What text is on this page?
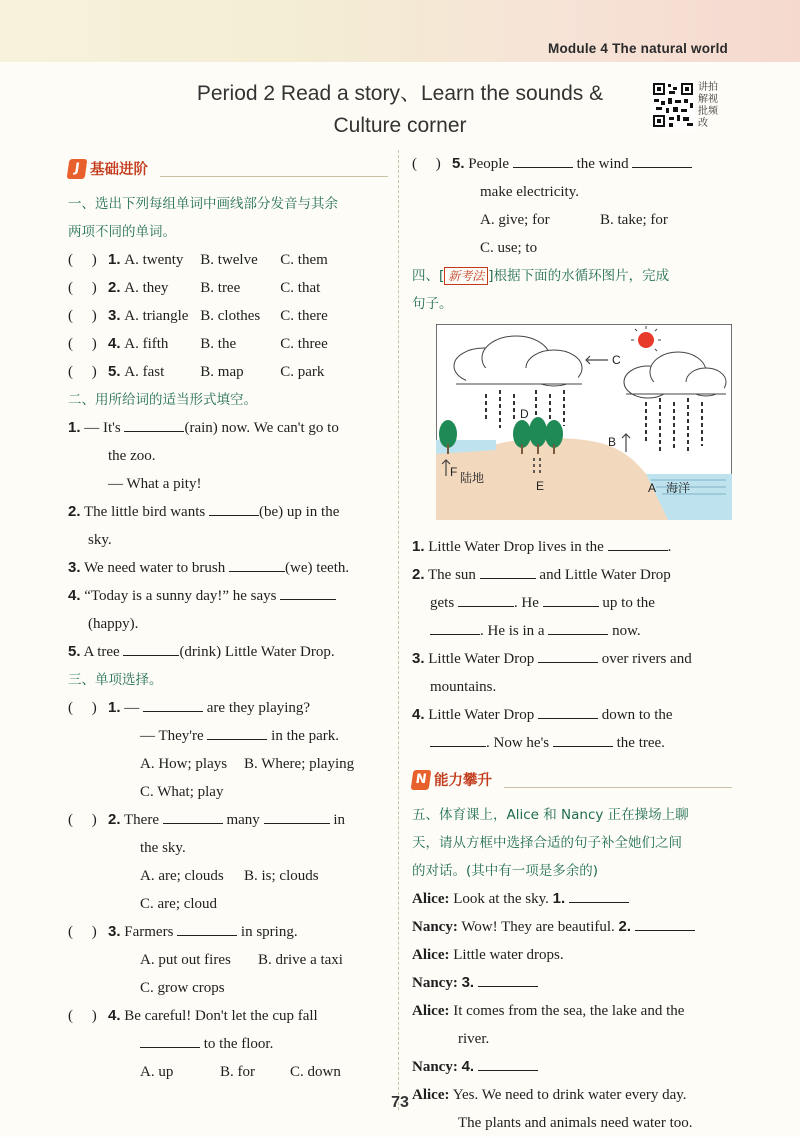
Module 4 The natural world
Period 2 Read a story、Learn the sounds &
Culture corner
讲拍解视批频改
J 基础进阶
一、选出下列每组单词中画线部分发音与其余
两项不同的单词。
(     ) 1. A. twenty B. twelve C. them
(     ) 2. A. they B. tree	C. that
(     ) 3. A. triangle B. clothes C. there
(     ) 4. A. fifth B. the	C. three
(     ) 5. A. fast B. map C. park
二、用所给词的适当形式填空。
1. — It's	(rain) now. We can't go to
the zoo.
— What a pity!
2. The little bird wants	(be) up in the
sky.
3. We need water to brush	(we) teeth.
4. “Today is a sunny day!” he says
(happy).
5. A tree	(drink) Little Water Drop.
三、单项选择。
(     ) 1. —	are they playing?
— They're	in the park.
A. How; plays B. Where; playing
C. What; play
(     ) 2. There	many	in
the sky.
A. are; clouds B. is; clouds
C. are; cloud
(     ) 3. Farmers	in spring.
A. put out fires B. drive a taxi
C. grow crops
(     ) 4. Be careful! Don't let the cup fall
to the floor.
A. up	B. for C. down
(     ) 5. People	the wind
make electricity.
A. give; for	B. take; for
C. use; to
四、[ 新考法 ]根据下面的水循环图片，完成
句子。
C
B
D
E
F
A
陆地
海洋
1. Little Water Drop lives in the	.
2. The sun	and Little Water Drop
gets	. He	up to the
. He is in a	now.
3. Little Water Drop	over rivers and
mountains.
4. Little Water Drop	down to the
. Now he's	the tree.
N 能力攀升
五、体育课上，Alice 和 Nancy 正在操场上聊
天，请从方框中选择合适的句子补全她们之间
的对话。(其中有一项是多余的)
Alice: Look at the sky. 1.
Nancy: Wow! They are beautiful. 2.
Alice: Little water drops.
Nancy: 3.
Alice: It comes from the sea, the lake and the
river.
Nancy: 4.
Alice: Yes. We need to drink water every day.
The plants and animals need water too.
73
